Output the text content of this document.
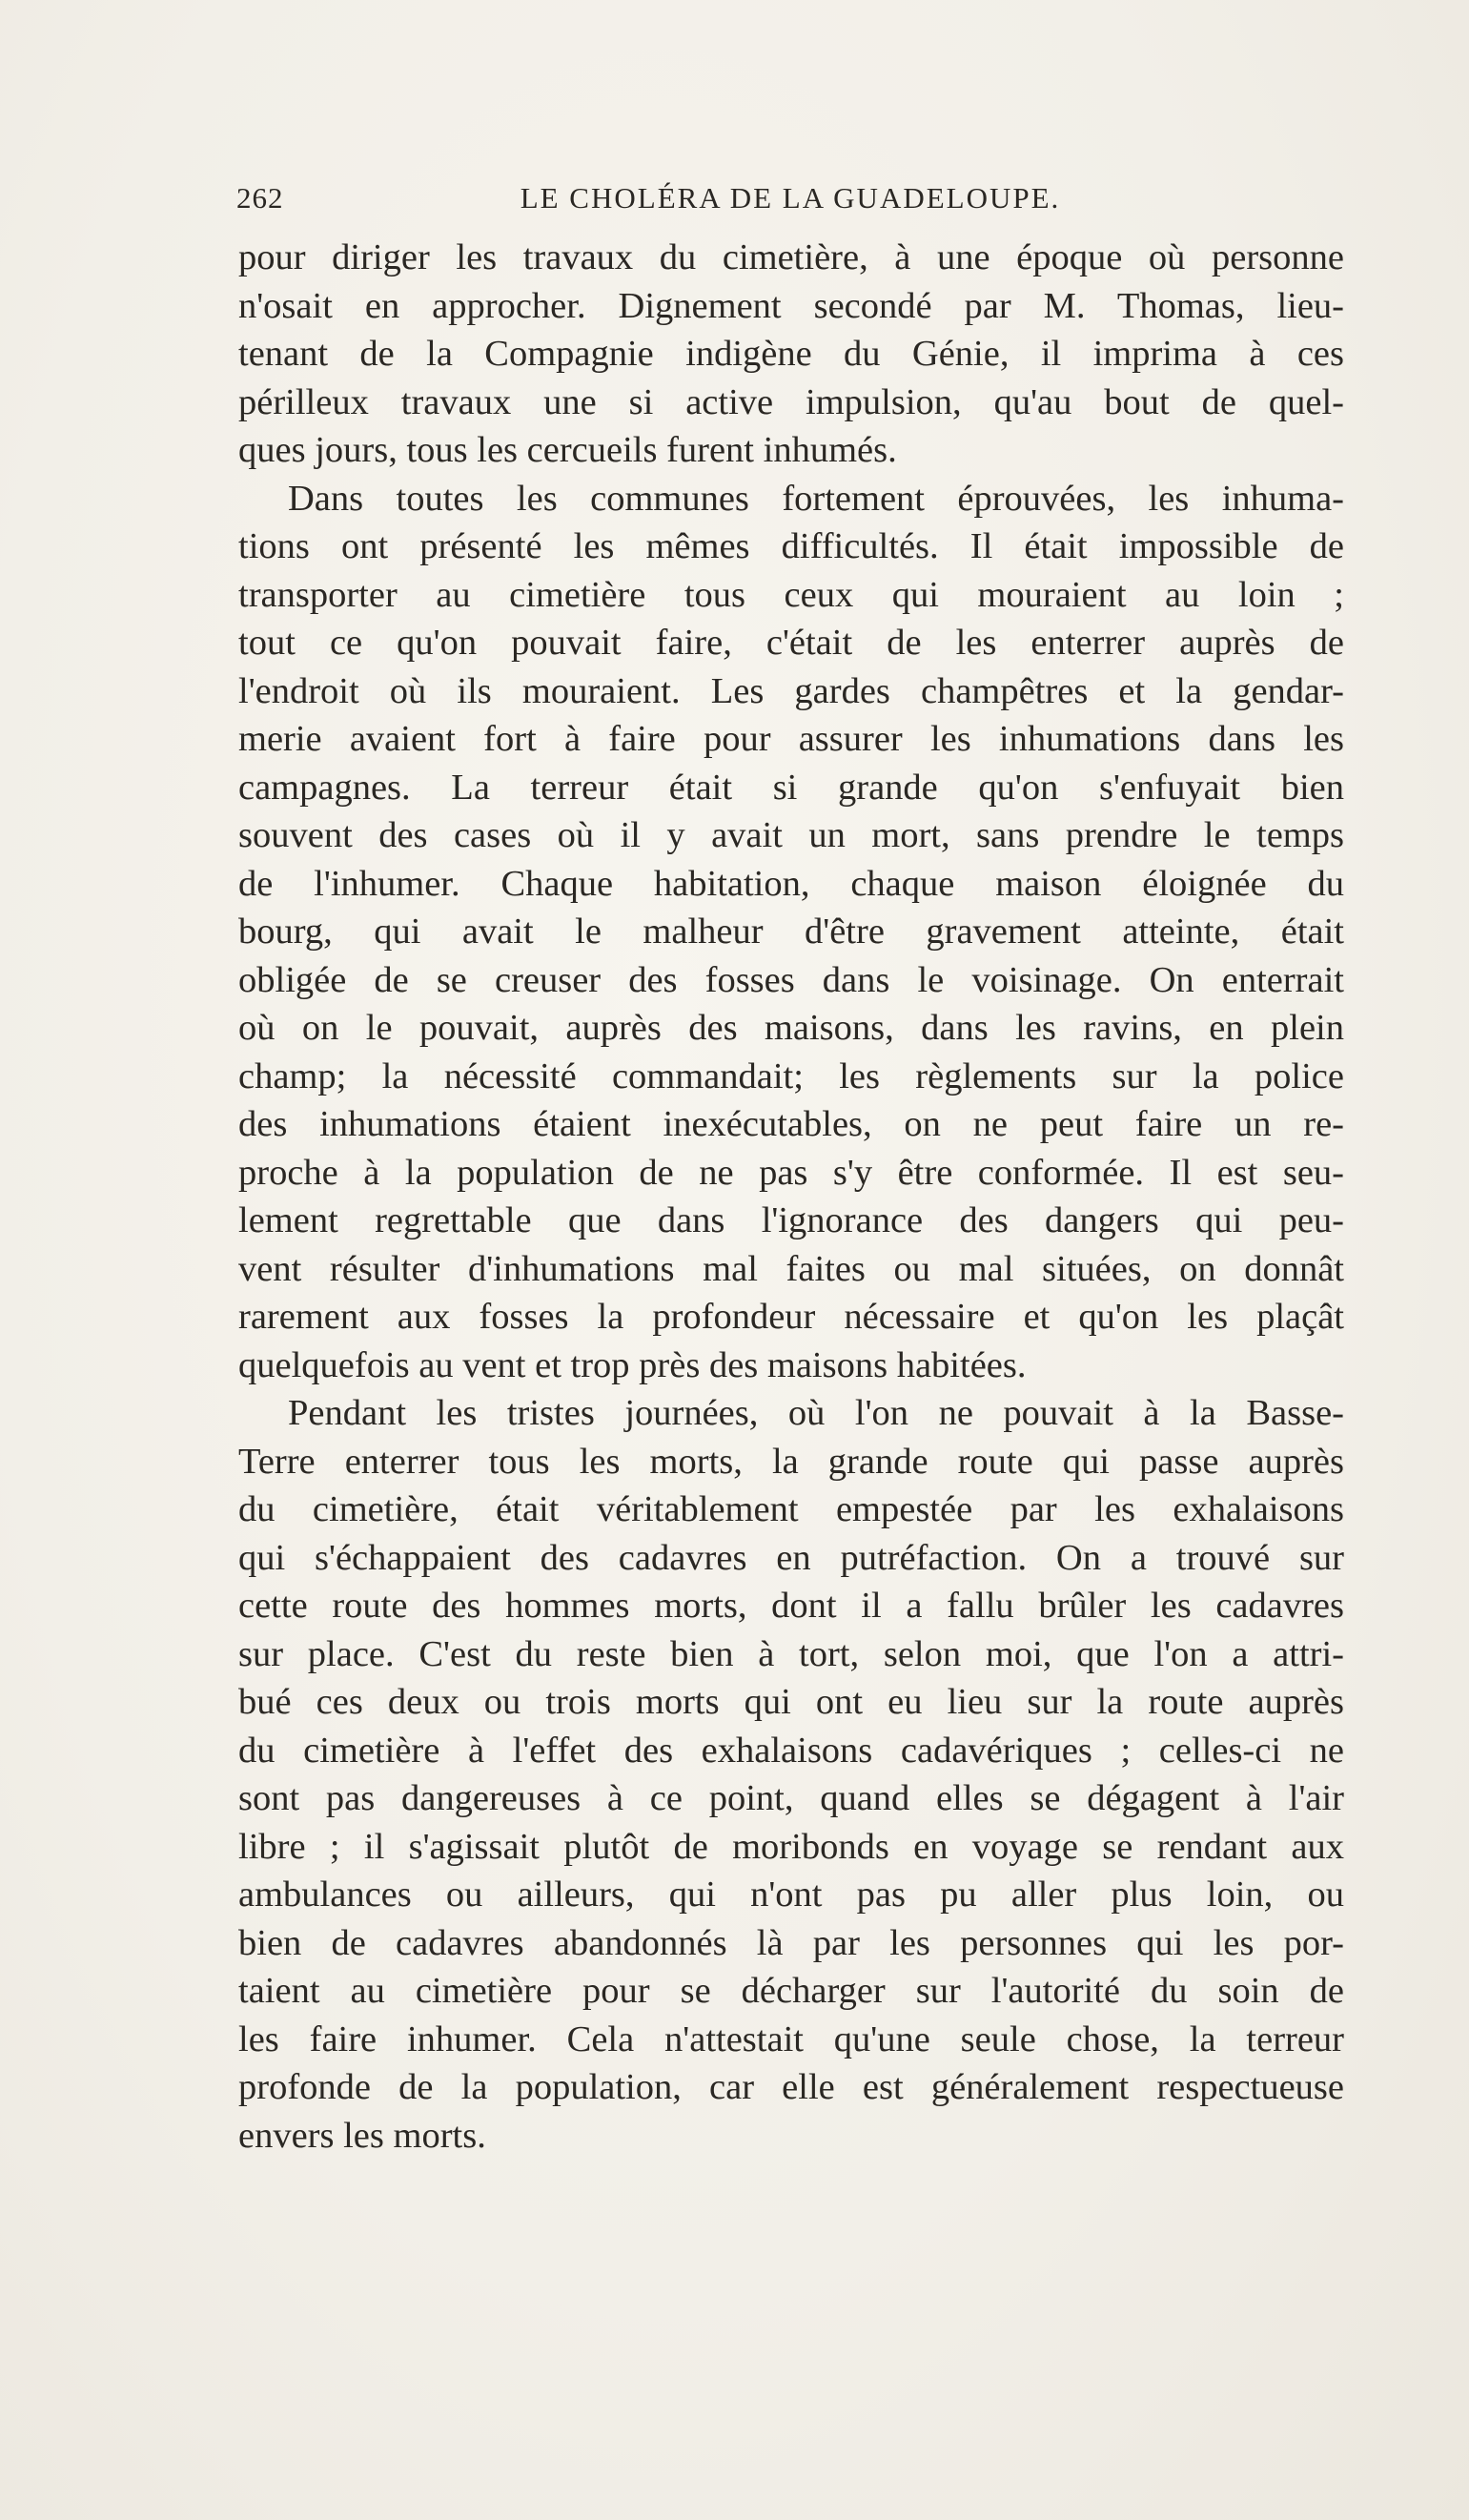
262	LE CHOLÉRA DE LA GUADELOUPE.

pour diriger les travaux du cimetière, à une époque où personne
n'osait en approcher. Dignement secondé par M. Thomas, lieu-
tenant de la Compagnie indigène du Génie, il imprima à ces
périlleux travaux une si active impulsion, qu'au bout de quel-
ques jours, tous les cercueils furent inhumés.

Dans toutes les communes fortement éprouvées, les inhuma-
tions ont présenté les mêmes difficultés. Il était impossible de
transporter au cimetière tous ceux qui mouraient au loin ;
tout ce qu'on pouvait faire, c'était de les enterrer auprès de
l'endroit où ils mouraient. Les gardes champêtres et la gendar-
merie avaient fort à faire pour assurer les inhumations dans les
campagnes. La terreur était si grande qu'on s'enfuyait bien
souvent des cases où il y avait un mort, sans prendre le temps
de l'inhumer. Chaque habitation, chaque maison éloignée du
bourg, qui avait le malheur d'être gravement atteinte, était
obligée de se creuser des fosses dans le voisinage. On enterrait
où on le pouvait, auprès des maisons, dans les ravins, en plein
champ; la nécessité commandait; les règlements sur la police
des inhumations étaient inexécutables, on ne peut faire un re-
proche à la population de ne pas s'y être conformée. Il est seu-
lement regrettable que dans l'ignorance des dangers qui peu-
vent résulter d'inhumations mal faites ou mal situées, on donnât
rarement aux fosses la profondeur nécessaire et qu'on les plaçât
quelquefois au vent et trop près des maisons habitées.

Pendant les tristes journées, où l'on ne pouvait à la Basse-
Terre enterrer tous les morts, la grande route qui passe auprès
du cimetière, était véritablement empestée par les exhalaisons
qui s'échappaient des cadavres en putréfaction. On a trouvé sur
cette route des hommes morts, dont il a fallu brûler les cadavres
sur place. C'est du reste bien à tort, selon moi, que l'on a attri-
bué ces deux ou trois morts qui ont eu lieu sur la route auprès
du cimetière à l'effet des exhalaisons cadavériques ; celles-ci ne
sont pas dangereuses à ce point, quand elles se dégagent à l'air
libre ; il s'agissait plutôt de moribonds en voyage se rendant aux
ambulances ou ailleurs, qui n'ont pas pu aller plus loin, ou
bien de cadavres abandonnés là par les personnes qui les por-
taient au cimetière pour se décharger sur l'autorité du soin de
les faire inhumer. Cela n'attestait qu'une seule chose, la terreur
profonde de la population, car elle est généralement respectueuse
envers les morts.
